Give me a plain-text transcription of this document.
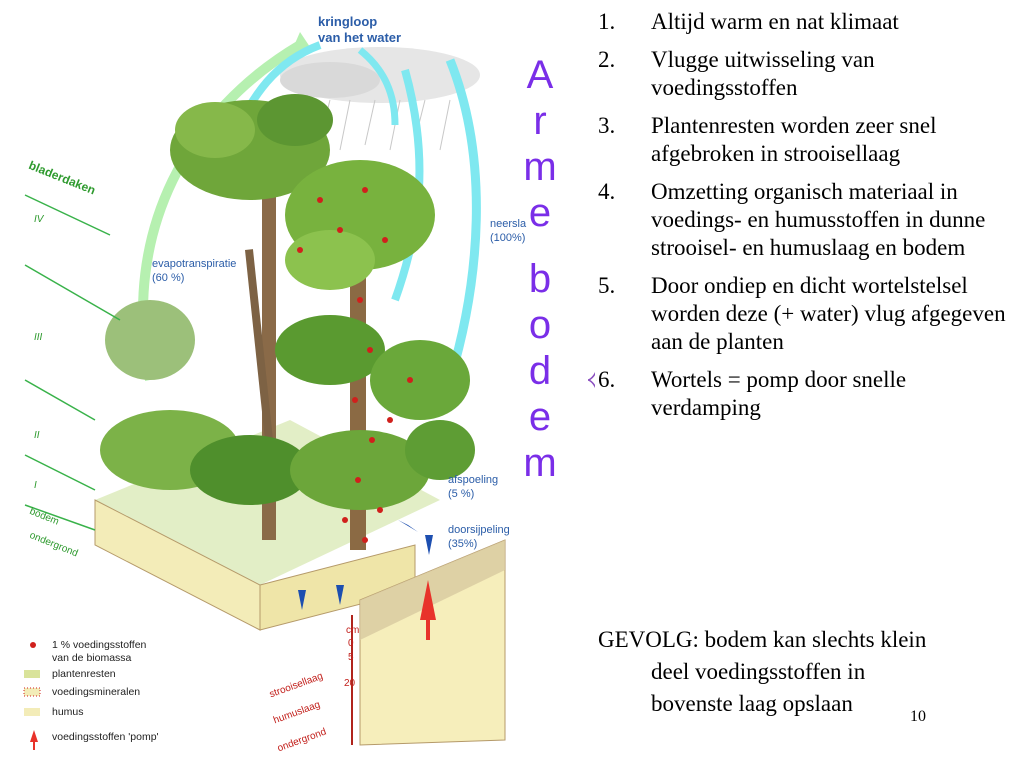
kringloop
van het water
evapotranspiratie
(60 %)
neersla
(100%)
afspoeling
(5 %)
doorsijpeling
(35%)
bladerdaken
IV
III
II
I
bodem
ondergrond
cm
0
5
20
strooisellaag
humuslaag
ondergrond
1 % voedingsstoffen
van de biomassa
plantenresten
voedingsmineralen
humus
voedingsstoffen 'pomp'
A
r
m
e
b
o
d
e
m
1. Altijd warm en nat klimaat
2. Vlugge uitwisseling van voedingsstoffen
3. Plantenresten worden zeer snel afgebroken in strooisellaag
4. Omzetting organisch materiaal in voedings- en humusstoffen in dunne strooisel- en humuslaag en bodem
5. Door ondiep en dicht wortelstelsel worden deze (+ water) vlug afgegeven aan de planten
6. Wortels = pomp door snelle verdamping
GEVOLG: bodem kan slechts klein
deel voedingsstoffen in
bovenste laag opslaan
10
